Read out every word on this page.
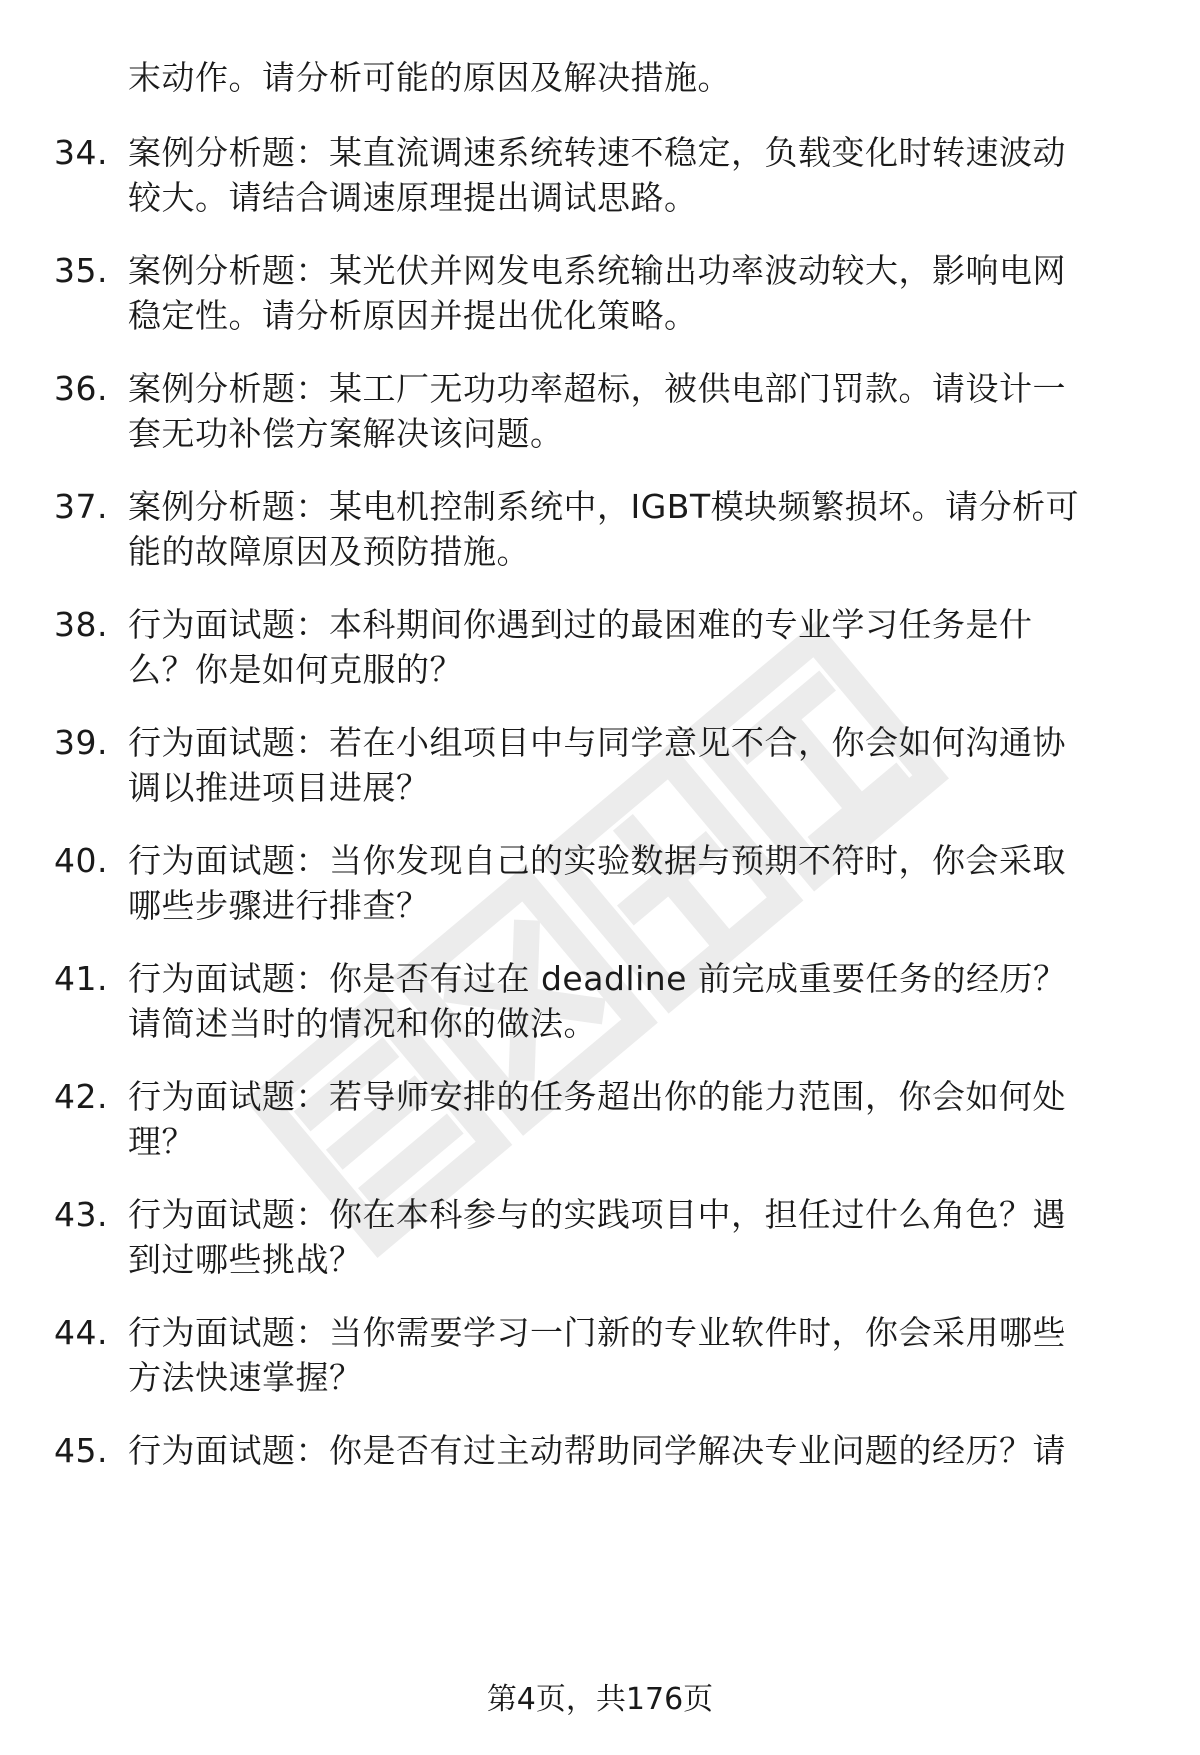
末动作。请分析可能的原因及解决措施。
34. 案例分析题：某直流调速系统转速不稳定，负载变化时转速波动
较大。请结合调速原理提出调试思路。
35. 案例分析题：某光伏并网发电系统输出功率波动较大，影响电网
稳定性。请分析原因并提出优化策略。
36. 案例分析题：某工厂无功功率超标，被供电部门罚款。请设计一
套无功补偿方案解决该问题。
37. 案例分析题：某电机控制系统中，IGBT模块频繁损坏。请分析可
能的故障原因及预防措施。
38. 行为面试题：本科期间你遇到过的最困难的专业学习任务是什
么？你是如何克服的？
39. 行为面试题：若在小组项目中与同学意见不合，你会如何沟通协
调以推进项目进展？
40. 行为面试题：当你发现自己的实验数据与预期不符时，你会采取
哪些步骤进行排查？
41. 行为面试题：你是否有过在 deadline 前完成重要任务的经历？
请简述当时的情况和你的做法。
42. 行为面试题：若导师安排的任务超出你的能力范围，你会如何处
理？
43. 行为面试题：你在本科参与的实践项目中，担任过什么角色？遇
到过哪些挑战？
44. 行为面试题：当你需要学习一门新的专业软件时，你会采用哪些
方法快速掌握？
45. 行为面试题：你是否有过主动帮助同学解决专业问题的经历？请
第4页，共176页
